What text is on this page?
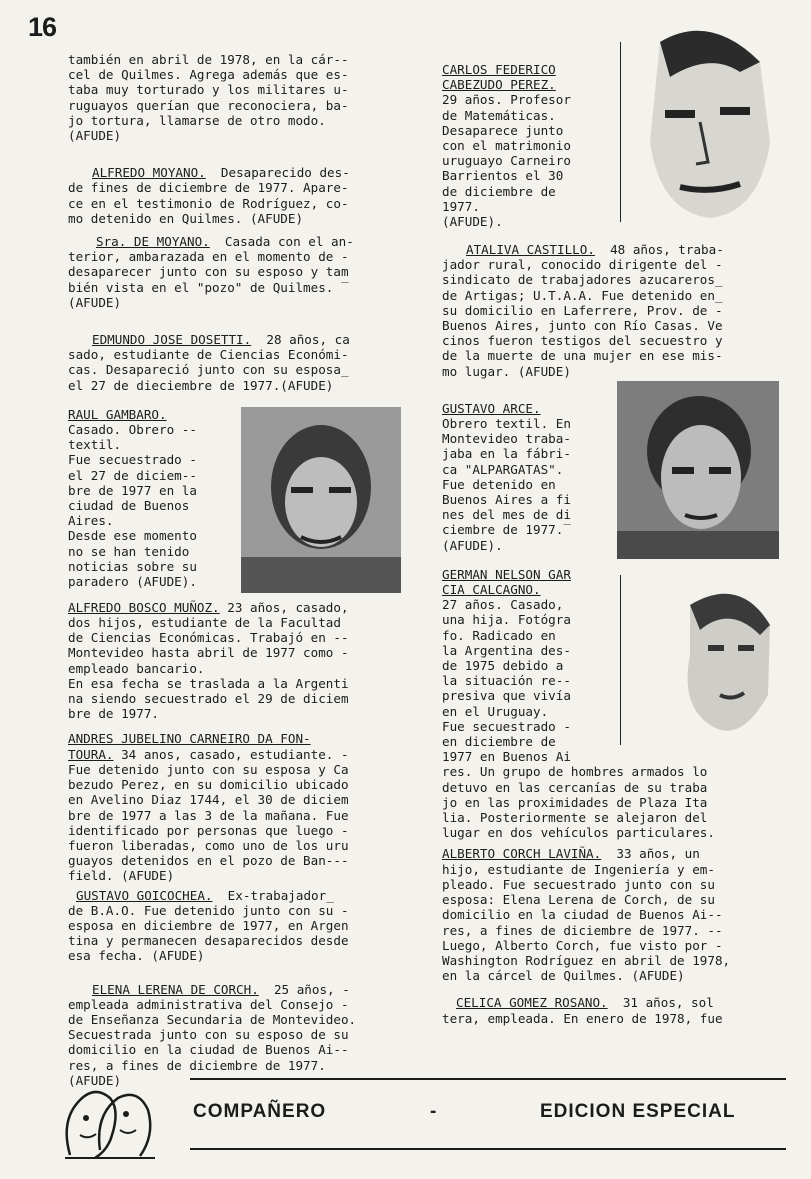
16

también en abril de 1978, en la cár--
cel de Quilmes. Agrega además que es-
taba muy torturado y los militares u-
ruguayos querían que reconociera, ba-
jo tortura, llamarse de otro modo.
(AFUDE)

ALFREDO MOYANO.  Desaparecido des-
de fines de diciembre de 1977. Apare-
ce en el testimonio de Rodríguez, co-
mo detenido en Quilmes. (AFUDE)

Sra. DE MOYANO.  Casada con el an-
terior, ambarazada en el momento de -
desaparecer junto con su esposo y tam
bién vista en el "pozo" de Quilmes. ‾
(AFUDE)

EDMUNDO JOSE DOSETTI.  28 años, ca
sado, estudiante de Ciencias Económi-
cas. Desapareció junto con su esposa_
el 27 de dieciembre de 1977.(AFUDE)

RAUL GAMBARO.
Casado. Obrero --
textil.
Fue secuestrado -
el 27 de diciem--
bre de 1977 en la
ciudad de Buenos
Aires.
Desde ese momento
no se han tenido
noticias sobre su
paradero (AFUDE).

ALFREDO BOSCO MUÑOZ. 23 años, casado,
dos hijos, estudiante de la Facultad
de Ciencias Económicas. Trabajó en --
Montevideo hasta abril de 1977 como -
empleado bancario.
En esa fecha se traslada a la Argenti
na siendo secuestrado el 29 de diciem
bre de 1977.

ANDRES JUBELINO CARNEIRO DA FON-
TOURA. 34 anos, casado, estudiante. -
Fue detenido junto con su esposa y Ca
bezudo Perez, en su domicilio ubicado
en Avelino Diaz 1744, el 30 de diciem
bre de 1977 a las 3 de la mañana. Fue
identificado por personas que luego -
fueron liberadas, como uno de los uru
guayos detenidos en el pozo de Ban---
field. (AFUDE)

GUSTAVO GOICOCHEA.  Ex-trabajador_
de B.A.O. Fue detenido junto con su -
esposa en diciembre de 1977, en Argen
tina y permanecen desaparecidos desde
esa fecha. (AFUDE)

ELENA LERENA DE CORCH.  25 años, -
empleada administrativa del Consejo -
de Enseñanza Secundaria de Montevideo.
Secuestrada junto con su esposo de su
domicilio en la ciudad de Buenos Ai--
res, a fines de diciembre de 1977.
(AFUDE)

CARLOS FEDERICO
CABEZUDO PEREZ.
29 años. Profesor
de Matemáticas.
Desaparece junto
con el matrimonio
uruguayo Carneiro
Barrientos el 30
de diciembre de
1977.
(AFUDE).

ATALIVA CASTILLO.  48 años, traba-
jador rural, conocido dirigente del -
sindicato de trabajadores azucareros_
de Artigas; U.T.A.A. Fue detenido en_
su domicilio en Laferrere, Prov. de -
Buenos Aires, junto con Río Casas. Ve
cinos fueron testigos del secuestro y
de la muerte de una mujer en ese mis-
mo lugar. (AFUDE)

GUSTAVO ARCE.
Obrero textil. En
Montevideo traba-
jaba en la fábri-
ca "ALPARGATAS".
Fue detenido en
Buenos Aires a fi
nes del mes de di
ciembre de 1977.‾
(AFUDE).

GERMAN NELSON GAR
CIA CALCAGNO.
27 años. Casado,
una hija. Fotógra
fo. Radicado en
la Argentina des-
de 1975 debido a
la situación re--
presiva que vivía
en el Uruguay.
Fue secuestrado -
en diciembre de
1977 en Buenos Ai
res. Un grupo de hombres armados lo
detuvo en las cercanías de su traba
jo en las proximidades de Plaza Ita
lia. Posteriormente se alejaron del
lugar en dos vehículos particulares.

ALBERTO CORCH LAVIÑA.  33 años, un
hijo, estudiante de Ingeniería y em-
pleado. Fue secuestrado junto con su
esposa: Elena Lerena de Corch, de su
domicilio en la ciudad de Buenos Ai--
res, a fines de diciembre de 1977. --
Luego, Alberto Corch, fue visto por -
Washington Rodríguez en abril de 1978,
en la cárcel de Quilmes. (AFUDE)

CELICA GOMEZ ROSANO.  31 años, sol
tera, empleada. En enero de 1978, fue

COMPAÑERO	-	EDICION ESPECIAL
